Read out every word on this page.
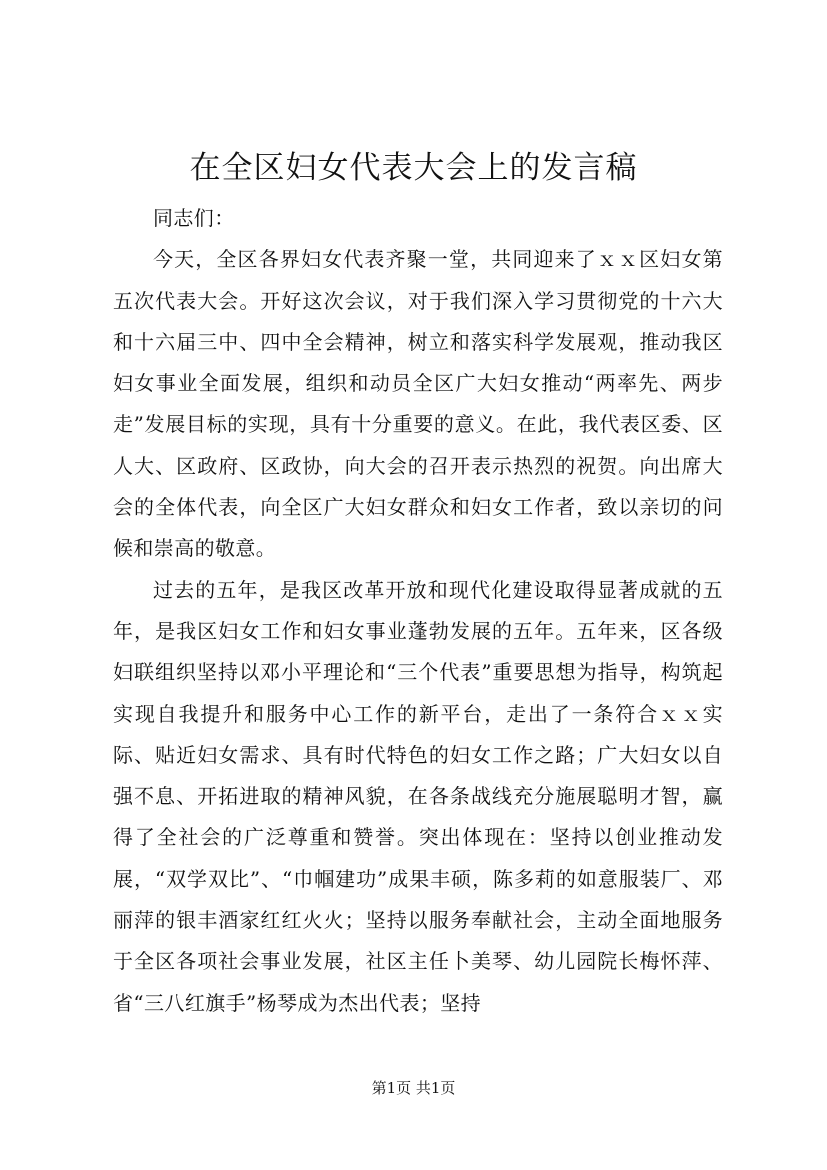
在全区妇女代表大会上的发言稿

同志们：

今天，全区各界妇女代表齐聚一堂，共同迎来了ｘｘ区妇女第五次代表大会。开好这次会议，对于我们深入学习贯彻党的十六大和十六届三中、四中全会精神，树立和落实科学发展观，推动我区妇女事业全面发展，组织和动员全区广大妇女推动“两率先、两步走”发展目标的实现，具有十分重要的意义。在此，我代表区委、区人大、区政府、区政协，向大会的召开表示热烈的祝贺。向出席大会的全体代表，向全区广大妇女群众和妇女工作者，致以亲切的问候和崇高的敬意。

过去的五年，是我区改革开放和现代化建设取得显著成就的五年，是我区妇女工作和妇女事业蓬勃发展的五年。五年来，区各级妇联组织坚持以邓小平理论和“三个代表”重要思想为指导，构筑起实现自我提升和服务中心工作的新平台，走出了一条符合ｘｘ实际、贴近妇女需求、具有时代特色的妇女工作之路；广大妇女以自强不息、开拓进取的精神风貌，在各条战线充分施展聪明才智，赢得了全社会的广泛尊重和赞誉。突出体现在：坚持以创业推动发展，“双学双比”、“巾帼建功”成果丰硕，陈多莉的如意服装厂、邓丽萍的银丰酒家红红火火；坚持以服务奉献社会，主动全面地服务于全区各项社会事业发展，社区主任卜美琴、幼儿园院长梅怀萍、省“三八红旗手”杨琴成为杰出代表；坚持

第1页 共1页
